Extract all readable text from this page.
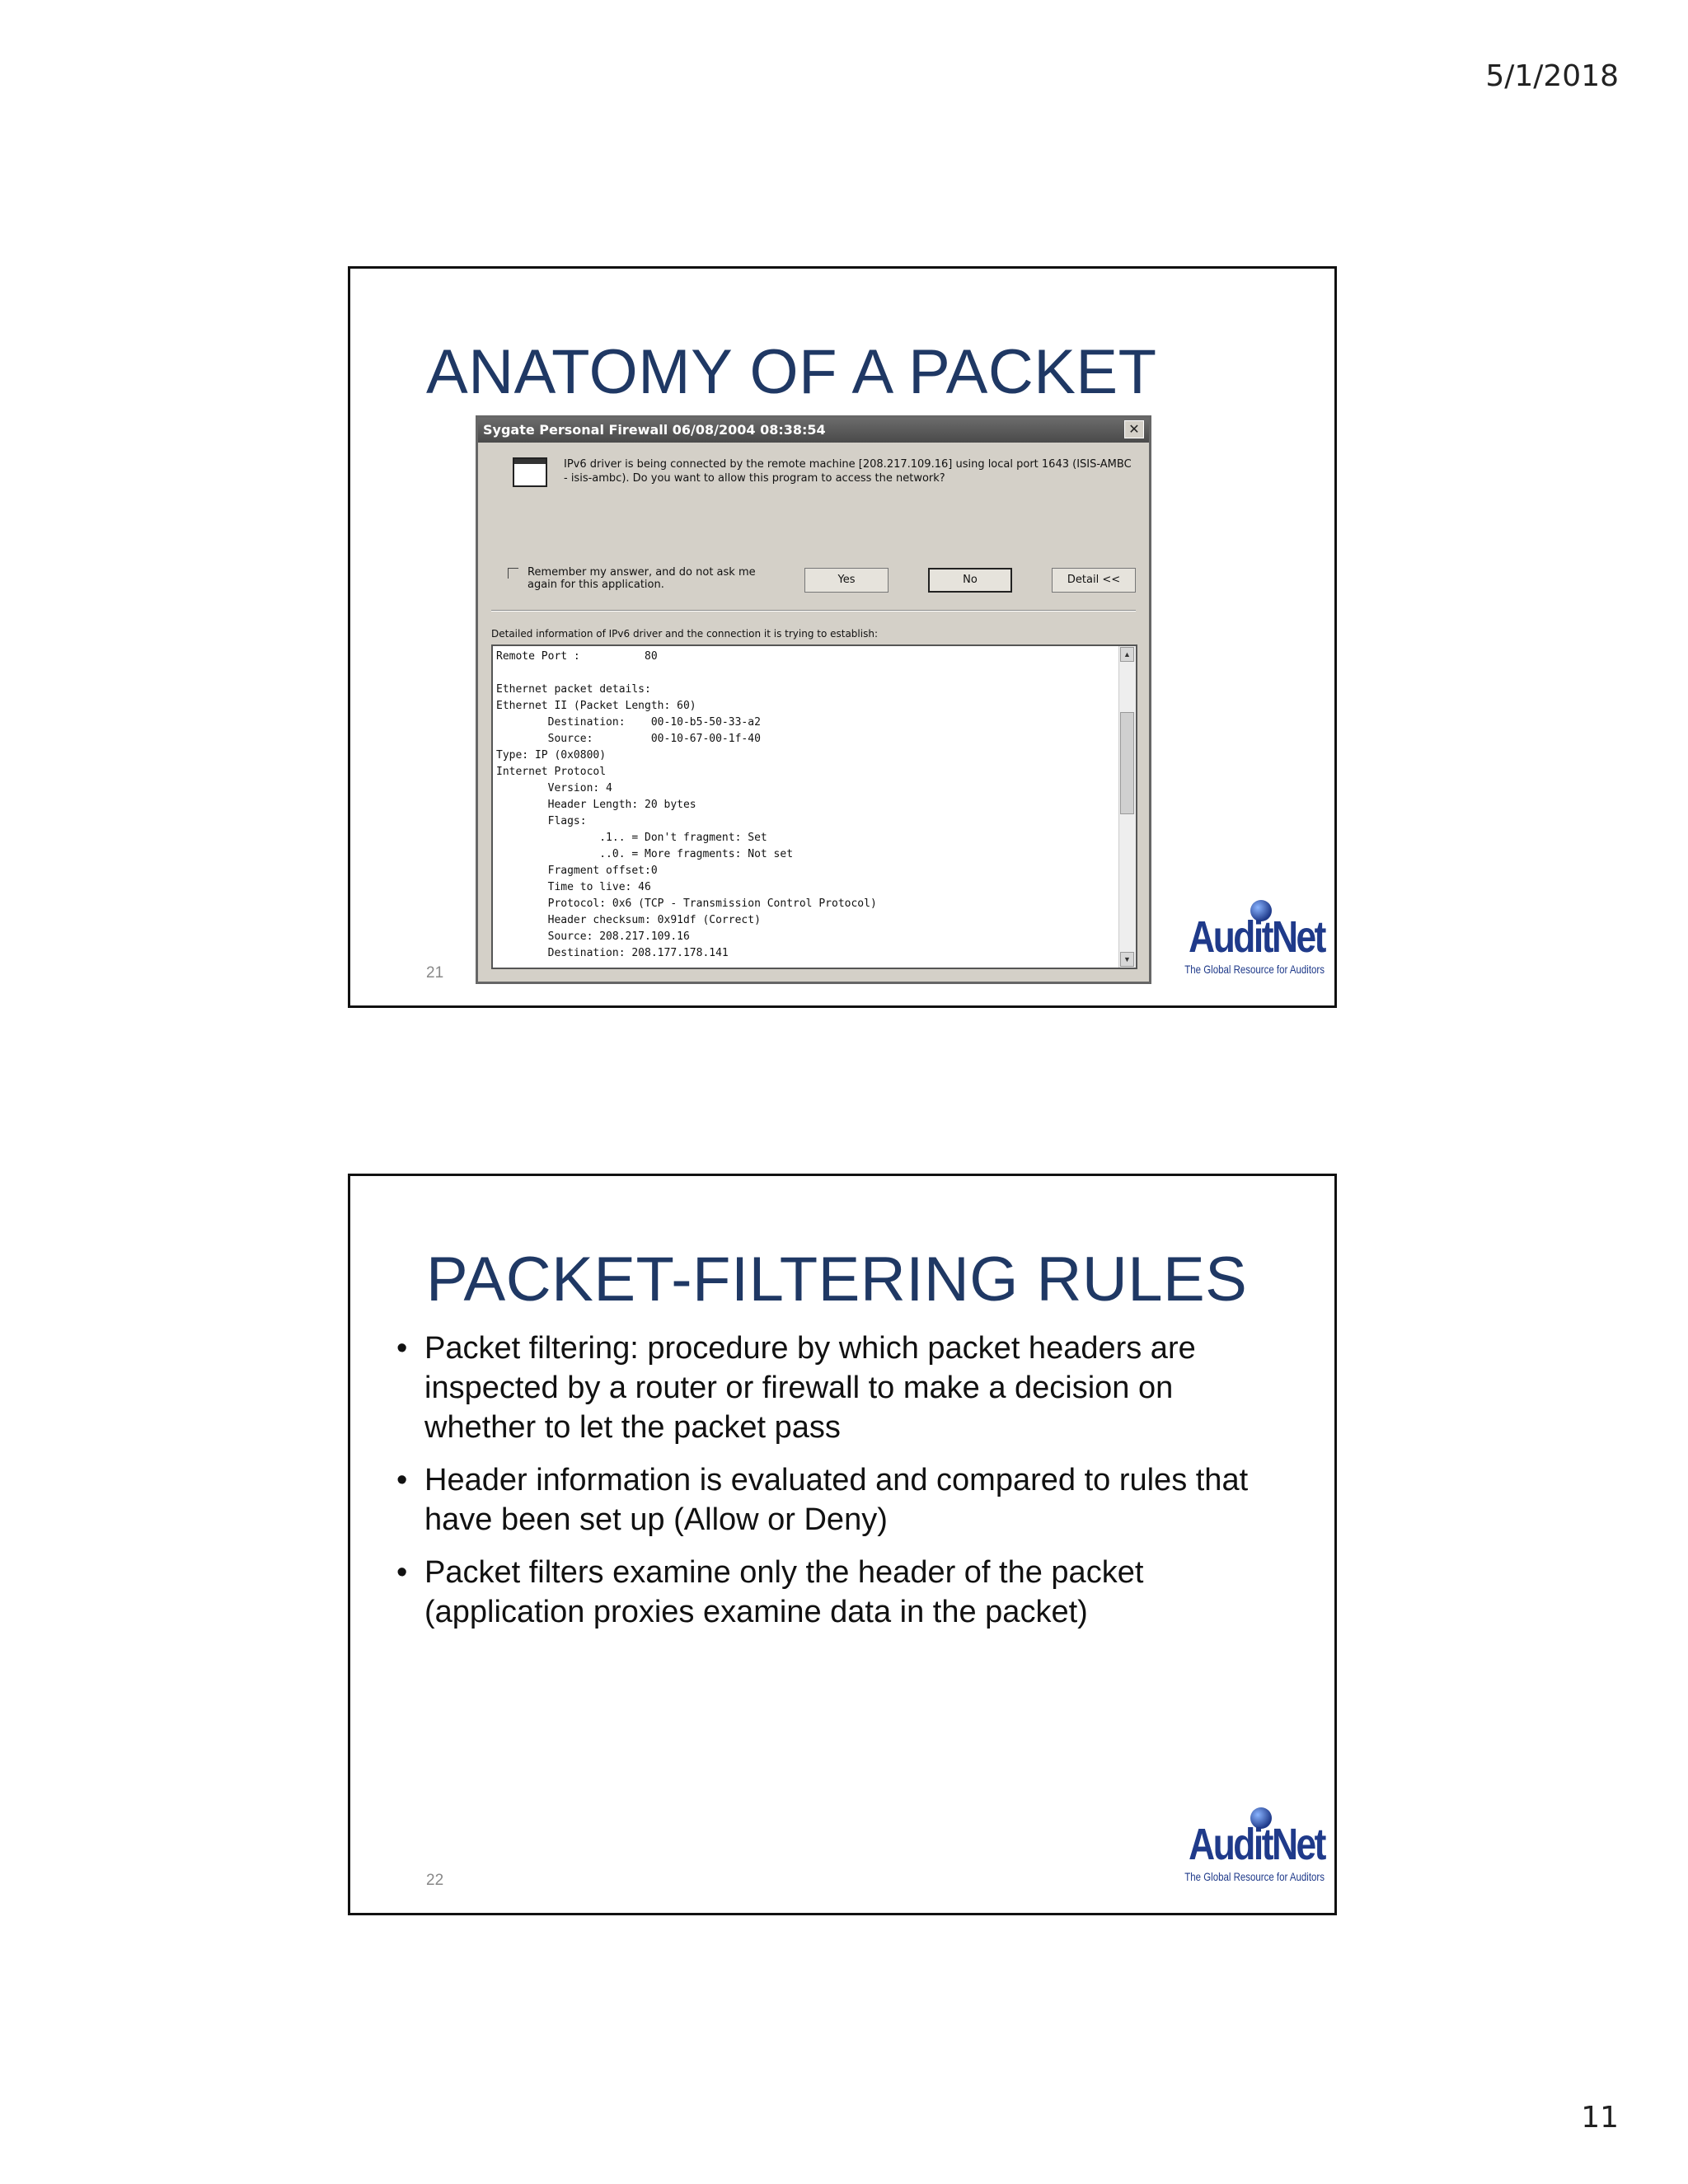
5/1/2018
ANATOMY OF A PACKET
Sygate Personal Firewall 06/08/2004 08:38:54	✕
IPv6 driver is being connected by the remote machine [208.217.109.16] using local port 1643 (ISIS-AMBC - isis-ambc). Do you want to allow this program to access the network?
Remember my answer, and do not ask me again for this application.	Yes	No	Detail <<
Detailed information of IPv6 driver and the connection it is trying to establish:
Remote Port :          80

Ethernet packet details:
Ethernet II (Packet Length: 60)
Destination:    00-10-b5-50-33-a2
Source:         00-10-67-00-1f-40
Type: IP (0x0800)
Internet Protocol
Version: 4
Header Length: 20 bytes
Flags:
.1.. = Don't fragment: Set
..0. = More fragments: Not set
Fragment offset:0
Time to live: 46
Protocol: 0x6 (TCP - Transmission Control Protocol)
Header checksum: 0x91df (Correct)
Source: 208.217.109.16
Destination: 208.177.178.141
▲
▼
21
AuditNet
The Global Resource for Auditors
PACKET-FILTERING RULES
• Packet filtering: procedure by which packet headers are inspected by a router or firewall to make a decision on whether to let the packet pass
• Header information is evaluated and compared to rules that have been set up (Allow or Deny)
• Packet filters examine only the header of the packet (application proxies examine data in the packet)
22
AuditNet
The Global Resource for Auditors
11
